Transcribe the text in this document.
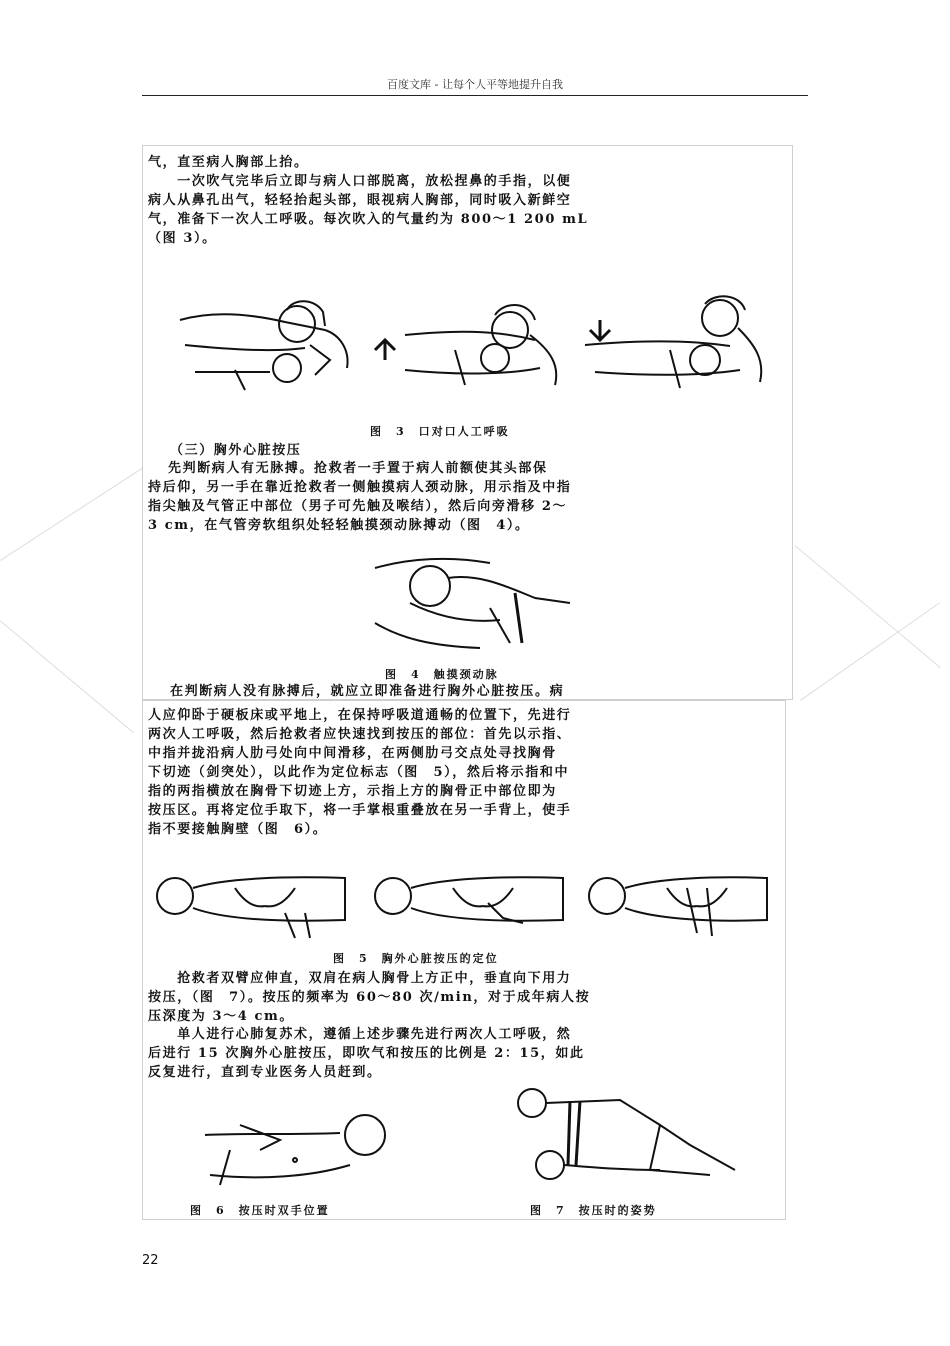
百度文库 - 让每个人平等地提升自我
气，直至病人胸部上抬。
　　一次吹气完毕后立即与病人口部脱离，放松捏鼻的手指，以便
病人从鼻孔出气，轻轻抬起头部，眼视病人胸部，同时吸入新鲜空
气，准备下一次人工呼吸。每次吹入的气量约为 800～1 200 mL
（图 3）。
图　3　口对口人工呼吸
（三）胸外心脏按压
先判断病人有无脉搏。抢救者一手置于病人前额使其头部保
持后仰，另一手在靠近抢救者一侧触摸病人颈动脉，用示指及中指
指尖触及气管正中部位（男子可先触及喉结），然后向旁滑移 2～
3 cm，在气管旁软组织处轻轻触摸颈动脉搏动（图　4）。
图　4　触摸颈动脉
在判断病人没有脉搏后，就应立即准备进行胸外心脏按压。病
人应仰卧于硬板床或平地上，在保持呼吸道通畅的位置下，先进行
两次人工呼吸，然后抢救者应快速找到按压的部位：首先以示指、
中指并拢沿病人肋弓处向中间滑移，在两侧肋弓交点处寻找胸骨
下切迹（剑突处），以此作为定位标志（图　5），然后将示指和中
指的两指横放在胸骨下切迹上方，示指上方的胸骨正中部位即为
按压区。再将定位手取下，将一手掌根重叠放在另一手背上，使手
指不要接触胸壁（图　6）。
图　5　胸外心脏按压的定位
　　抢救者双臂应伸直，双肩在病人胸骨上方正中，垂直向下用力
按压，（图　7）。按压的频率为 60～80 次/min，对于成年病人按
压深度为 3～4 cm。
　　单人进行心肺复苏术，遵循上述步骤先进行两次人工呼吸，然
后进行 15 次胸外心脏按压，即吹气和按压的比例是 2：15，如此
反复进行，直到专业医务人员赶到。
图　6　按压时双手位置	图　7　按压时的姿势
22
